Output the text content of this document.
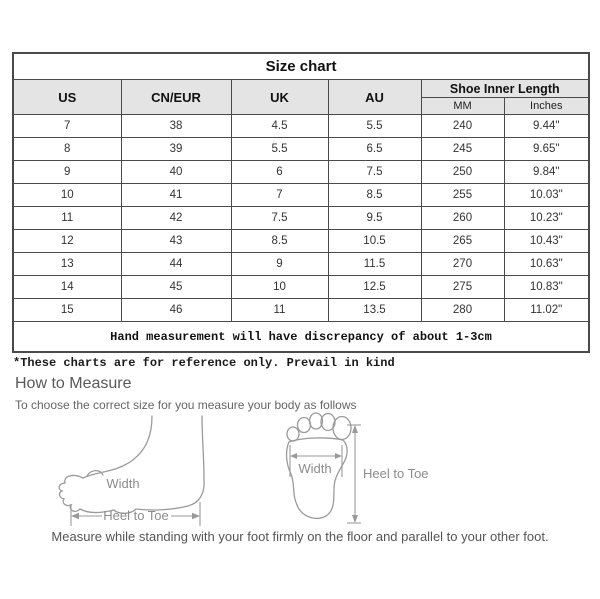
Size chart					
US	CN/EUR	UK	AU	Shoe Inner Length	
				MM	Inches
7	38	4.5	5.5	240	9.44"
8	39	5.5	6.5	245	9.65"
9	40	6	7.5	250	9.84"
10	41	7	8.5	255	10.03"
11	42	7.5	9.5	260	10.23"
12	43	8.5	10.5	265	10.43"
13	44	9	11.5	270	10.63"
14	45	10	12.5	275	10.83"
15	46	11	13.5	280	11.02"
Hand measurement will have discrepancy of about 1-3cm					
*These charts are for reference only. Prevail in kind
How to Measure
To choose the correct size for you measure your body as follows
Width
Heel to Toe
Width Heel to Toe
Measure while standing with your foot firmly on the floor and parallel to your other foot.
